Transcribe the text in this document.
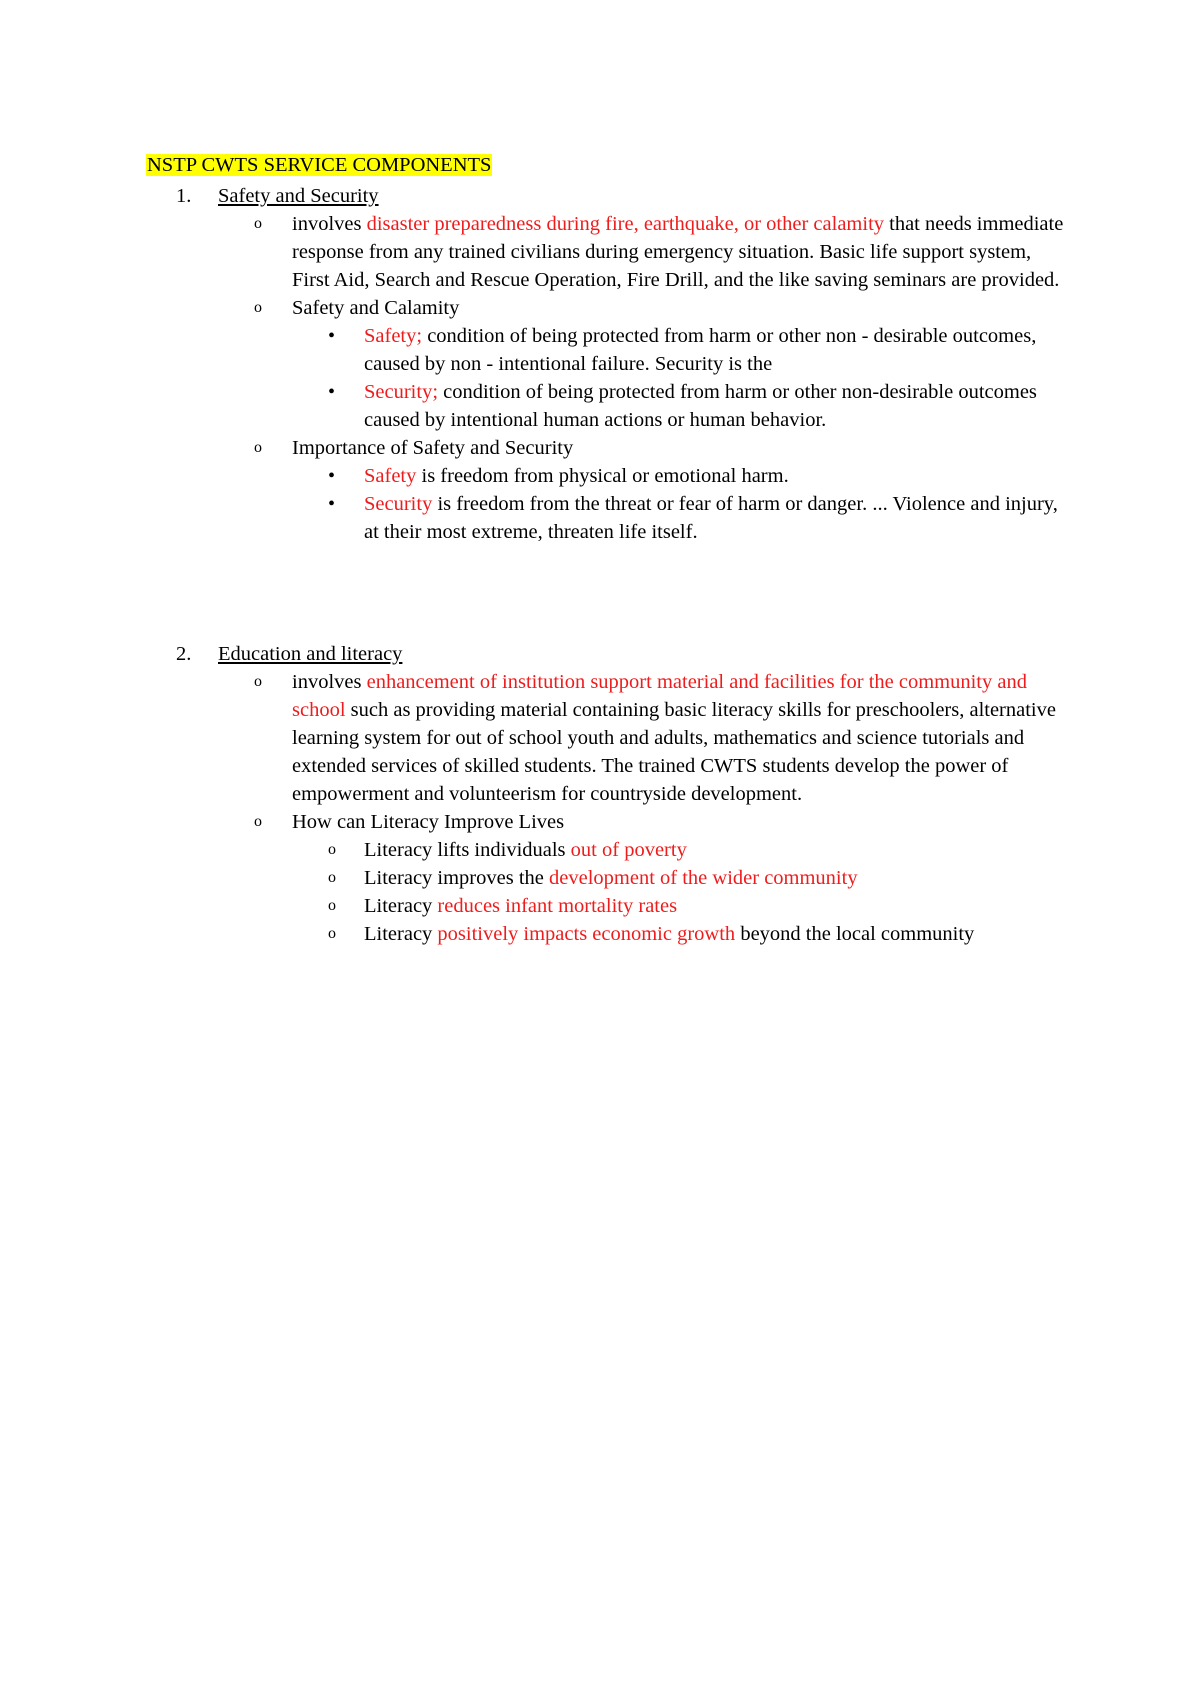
NSTP CWTS SERVICE COMPONENTS
1. Safety and Security
o involves disaster preparedness during fire, earthquake, or other calamity that needs immediate response from any trained civilians during emergency situation. Basic life support system, First Aid, Search and Rescue Operation, Fire Drill, and the like saving seminars are provided.
o Safety and Calamity
• Safety; condition of being protected from harm or other non - desirable outcomes, caused by non - intentional failure. Security is the
• Security; condition of being protected from harm or other non-desirable outcomes caused by intentional human actions or human behavior.
o Importance of Safety and Security
• Safety is freedom from physical or emotional harm.
• Security is freedom from the threat or fear of harm or danger. ... Violence and injury, at their most extreme, threaten life itself.
2. Education and literacy
o involves enhancement of institution support material and facilities for the community and school such as providing material containing basic literacy skills for preschoolers, alternative learning system for out of school youth and adults, mathematics and science tutorials and extended services of skilled students. The trained CWTS students develop the power of empowerment and volunteerism for countryside development.
o How can Literacy Improve Lives
o Literacy lifts individuals out of poverty
o Literacy improves the development of the wider community
o Literacy reduces infant mortality rates
o Literacy positively impacts economic growth beyond the local community
